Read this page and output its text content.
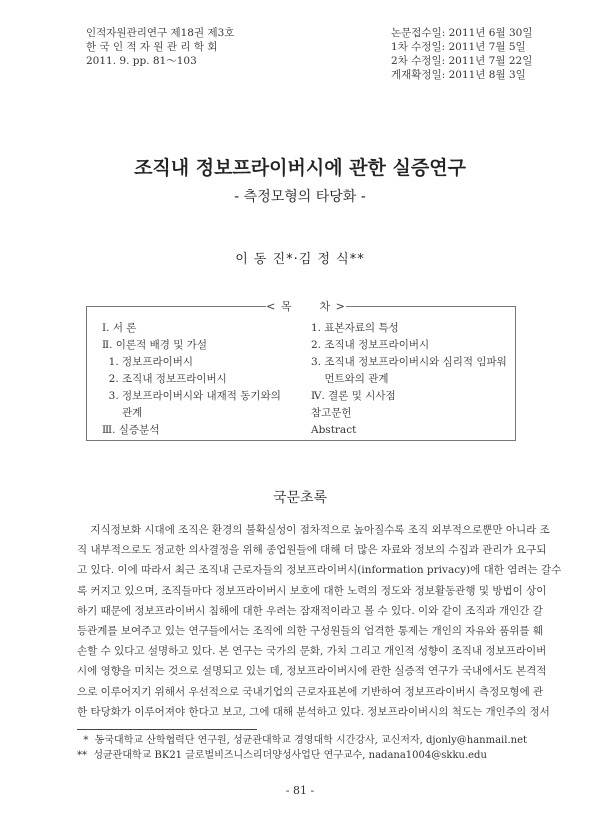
인적자원관리연구 제18권 제3호
한 국 인 적 자 원 관 리 학 회
2011. 9. pp. 81～103
논문접수일: 2011년 6월 30일
1차 수정일: 2011년 7월 5일
2차 수정일: 2011년 7월 22일
게재확정일: 2011년 8월 3일
조직내 정보프라이버시에 관한 실증연구
- 측정모형의 타당화 -
이 동 진*·김 정 식**
< 목      차 >
Ⅰ. 서 론
Ⅱ. 이론적 배경 및 가설
1. 정보프라이버시
2. 조직내 정보프라이버시
3. 정보프라이버시와 내재적 동기와의
관계
Ⅲ. 실증분석
1. 표본자료의 특성
2. 조직내 정보프라이버시
3. 조직내 정보프라이버시와 심리적 임파워
먼트와의 관계
Ⅳ. 결론 및 시사점
참고문헌
Abstract
국문초록
지식정보화 시대에 조직은 환경의 불확실성이 점차적으로 높아질수록 조직 외부적으로뿐만 아니라 조
직 내부적으로도 정교한 의사결정을 위해 종업원들에 대해 더 많은 자료와 정보의 수집과 관리가 요구되
고 있다. 이에 따라서 최근 조직내 근로자들의 정보프라이버시(information privacy)에 대한 염려는 갈수
록 커지고 있으며, 조직들마다 정보프라이버시 보호에 대한 노력의 정도와 정보활동관행 및 방법이 상이
하기 때문에 정보프라이버시 침해에 대한 우려는 잠재적이라고 볼 수 있다. 이와 같이 조직과 개인간 갈
등관계를 보여주고 있는 연구들에서는 조직에 의한 구성원들의 엄격한 통제는 개인의 자유와 품위를 훼
손할 수 있다고 설명하고 있다. 본 연구는 국가의 문화, 가치 그리고 개인적 성향이 조직내 정보프라이버
시에 영향을 미치는 것으로 설명되고 있는 데, 정보프라이버시에 관한 실증적 연구가 국내에서도 본격적
으로 이루어지기 위해서 우선적으로 국내기업의 근로자표본에 기반하여 정보프라이버시 측정모형에 관
한 타당화가 이루어져야 한다고 보고, 그에 대해 분석하고 있다. 정보프라이버시의 척도는 개인주의 정서
*  동국대학교 산학협력단 연구원, 성균관대학교 경영대학 시간강사, 교신저자, djonly@hanmail.net
**  성균관대학교 BK21 글로벌비즈니스리더양성사업단 연구교수, nadana1004@skku.edu
- 81 -
